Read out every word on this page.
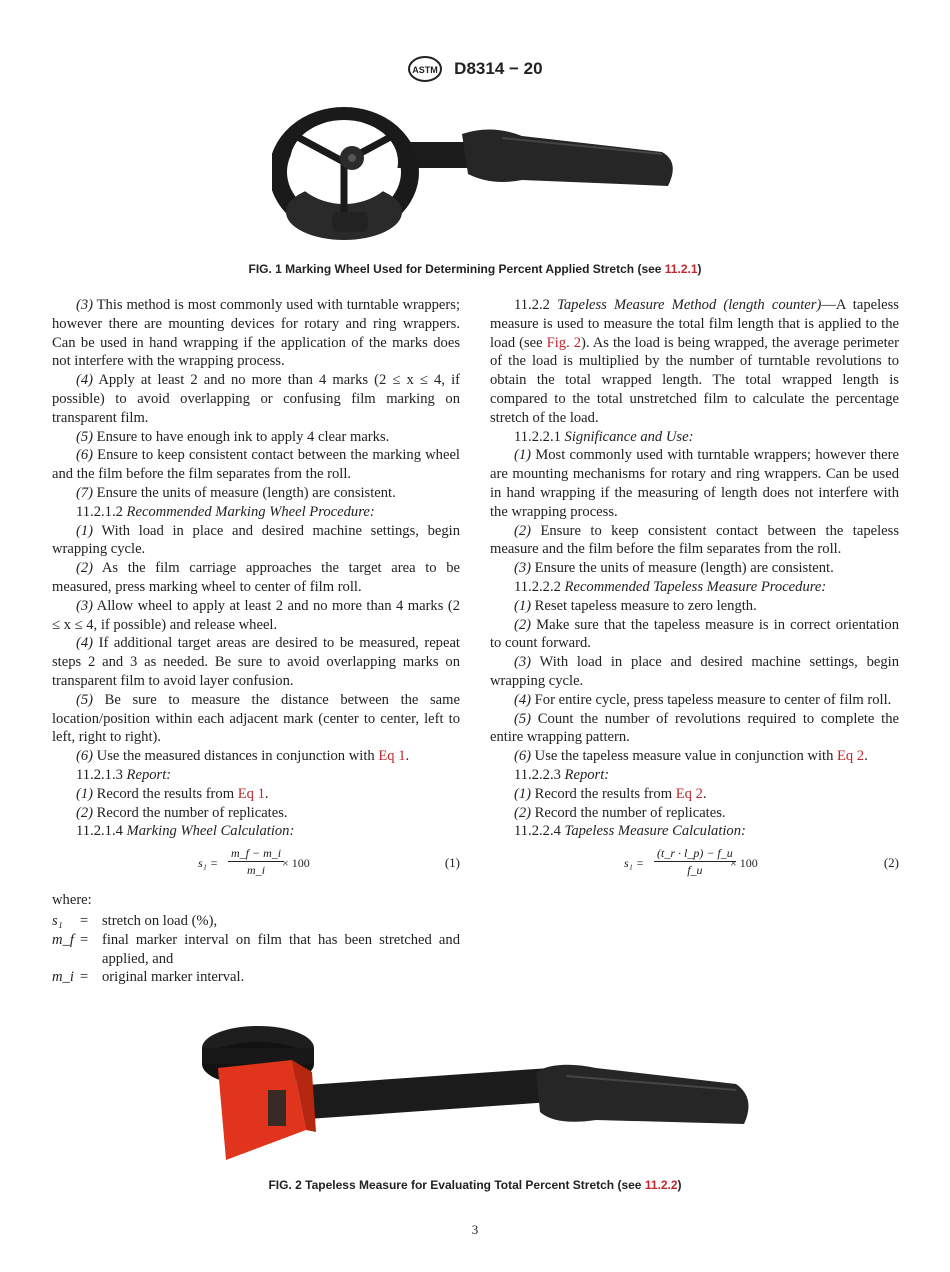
ASTM D8314 − 20
FIG. 1 Marking Wheel Used for Determining Percent Applied Stretch (see 11.2.1)

(3) This method is most commonly used with turntable wrappers; however there are mounting devices for rotary and ring wrappers. Can be used in hand wrapping if the application of the marks does not interfere with the wrapping process.

(4) Apply at least 2 and no more than 4 marks (2 ≤ x ≤ 4, if possible) to avoid overlapping or confusing film marking on transparent film.

(5) Ensure to have enough ink to apply 4 clear marks.

(6) Ensure to keep consistent contact between the marking wheel and the film before the film separates from the roll.

(7) Ensure the units of measure (length) are consistent.

11.2.1.2 Recommended Marking Wheel Procedure:

(1) With load in place and desired machine settings, begin wrapping cycle.

(2) As the film carriage approaches the target area to be measured, press marking wheel to center of film roll.

(3) Allow wheel to apply at least 2 and no more than 4 marks (2 ≤ x ≤ 4, if possible) and release wheel.

(4) If additional target areas are desired to be measured, repeat steps 2 and 3 as needed. Be sure to avoid overlapping marks on transparent film to avoid layer confusion.

(5) Be sure to measure the distance between the same location/position within each adjacent mark (center to center, left to left, right to right).

(6) Use the measured distances in conjunction with Eq 1.

11.2.1.3 Report:

(1) Record the results from Eq 1.

(2) Record the number of replicates.

11.2.1.4 Marking Wheel Calculation:

$s_1 = \frac{m\_f - m\_i}{m\_i}$
× 100	(1)

where:

s₁	=	stretch on load (%),
m_f	=	final marker interval on film that has been stretched and applied, and
m_i	=	original marker interval.

11.2.2 Tapeless Measure Method (length counter)—A tapeless measure is used to measure the total film length that is applied to the load (see Fig. 2). As the load is being wrapped, the average perimeter of the load is multiplied by the number of turntable revolutions to obtain the total wrapped length. The total wrapped length is compared to the total unstretched film to calculate the percentage stretch of the load.

11.2.2.1 Significance and Use:

(1) Most commonly used with turntable wrappers; however there are mounting mechanisms for rotary and ring wrappers. Can be used in hand wrapping if the measuring of length does not interfere with the wrapping process.

(2) Ensure to keep consistent contact between the tapeless measure and the film before the film separates from the roll.

(3) Ensure the units of measure (length) are consistent.

11.2.2.2 Recommended Tapeless Measure Procedure:

(1) Reset tapeless measure to zero length.

(2) Make sure that the tapeless measure is in correct orientation to count forward.

(3) With load in place and desired machine settings, begin wrapping cycle.

(4) For entire cycle, press tapeless measure to center of film roll.

(5) Count the number of revolutions required to complete the entire wrapping pattern.

(6) Use the tapeless measure value in conjunction with Eq 2.

11.2.2.3 Report:

(1) Record the results from Eq 2.

(2) Record the number of replicates.

11.2.2.4 Tapeless Measure Calculation:

$s_1 = \frac{(t\_r \cdot l\_p) - f\_u}{f\_u}$
× 100	(2)
FIG. 2 Tapeless Measure for Evaluating Total Percent Stretch (see 11.2.2)
3
